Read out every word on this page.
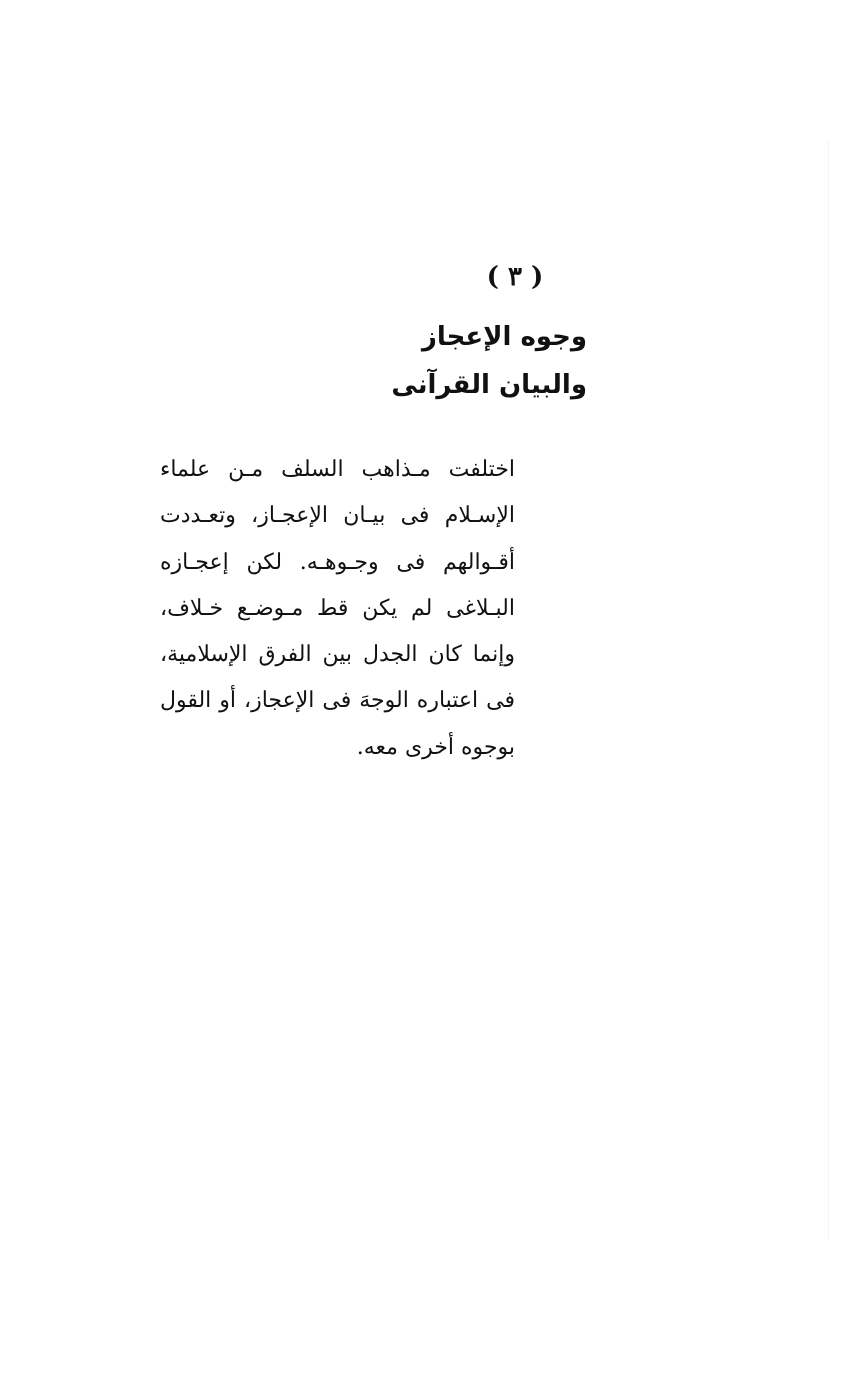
( ٣ )
وجوه الإعجاز
والبيان القرآنى
اختلفت مـذاهب السلف مـن علماء
الإسـلام فى بيـان الإعجـاز، وتعـددت
أقـوالهم فى وجـوهـه. لكن إعجـازه
البـلاغى لم يكن قط مـوضـع خـلاف،
وإنما كان الجدل بين الفرق الإسلامية،
فى اعتباره الوجهَ فى الإعجاز، أو القول
بوجوه أخرى معه.
